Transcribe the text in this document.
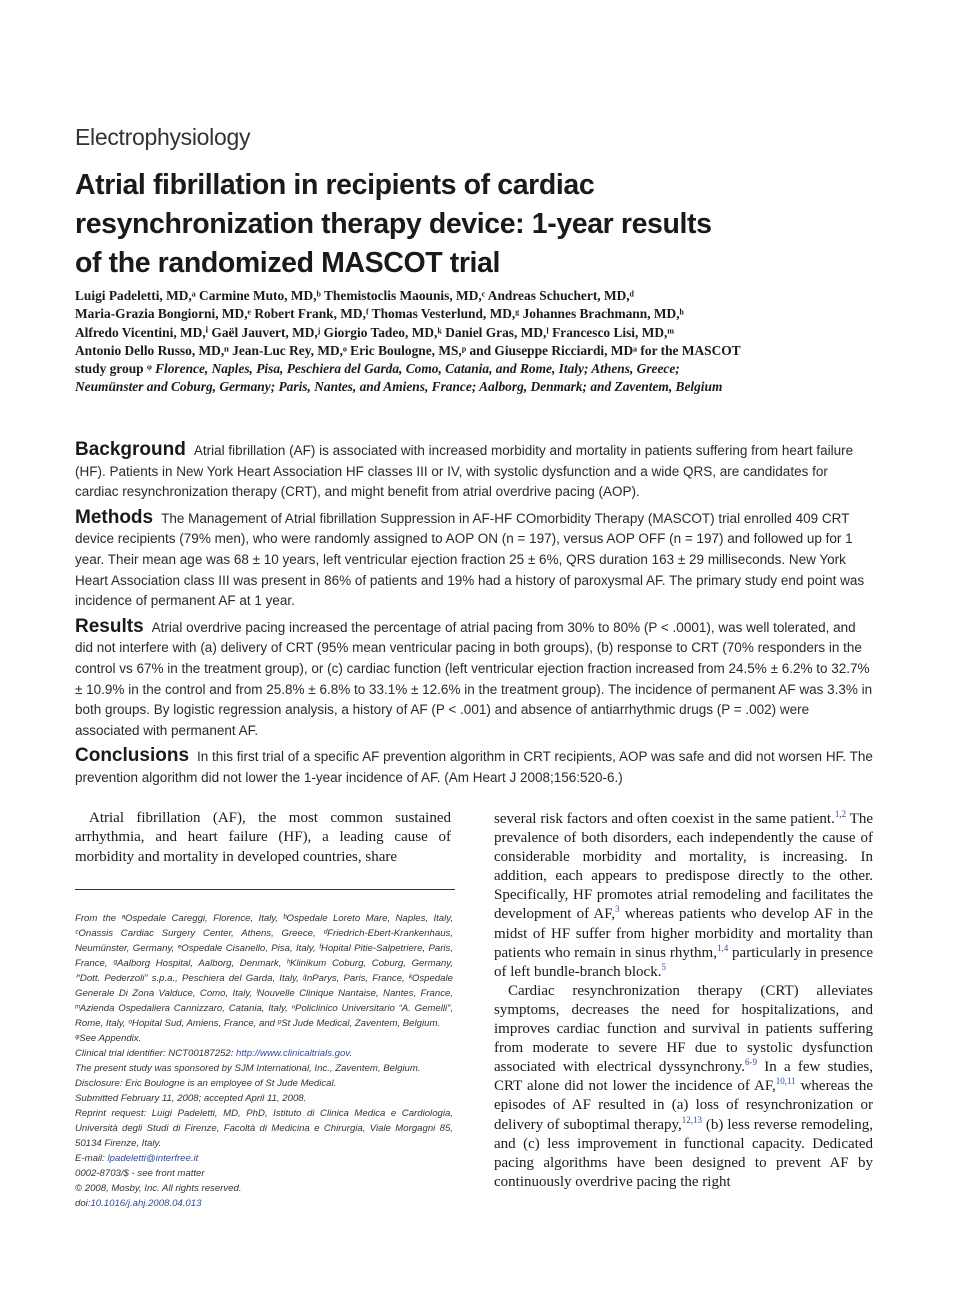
Electrophysiology
Atrial fibrillation in recipients of cardiac
resynchronization therapy device: 1-year results
of the randomized MASCOT trial
Luigi Padeletti, MD,ᵃ Carmine Muto, MD,ᵇ Themistoclis Maounis, MD,ᶜ Andreas Schuchert, MD,ᵈ
Maria-Grazia Bongiorni, MD,ᵉ Robert Frank, MD,ᶠ Thomas Vesterlund, MD,ᵍ Johannes Brachmann, MD,ʰ
Alfredo Vicentini, MD,ⁱ Gaël Jauvert, MD,ʲ Giorgio Tadeo, MD,ᵏ Daniel Gras, MD,ˡ Francesco Lisi, MD,ᵐ
Antonio Dello Russo, MD,ⁿ Jean-Luc Rey, MD,ᵒ Eric Boulogne, MS,ᵖ and Giuseppe Ricciardi, MDᵃ for the MASCOT
study group ᵠ Florence, Naples, Pisa, Peschiera del Garda, Como, Catania, and Rome, Italy; Athens, Greece;
Neumünster and Coburg, Germany; Paris, Nantes, and Amiens, France; Aalborg, Denmark; and Zaventem, Belgium

Background Atrial fibrillation (AF) is associated with increased morbidity and mortality in patients suffering from heart failure (HF). Patients in New York Heart Association HF classes III or IV, with systolic dysfunction and a wide QRS, are candidates for cardiac resynchronization therapy (CRT), and might benefit from atrial overdrive pacing (AOP).

Methods The Management of Atrial fibrillation Suppression in AF-HF COmorbidity Therapy (MASCOT) trial enrolled 409 CRT device recipients (79% men), who were randomly assigned to AOP ON (n = 197), versus AOP OFF (n = 197) and followed up for 1 year. Their mean age was 68 ± 10 years, left ventricular ejection fraction 25 ± 6%, QRS duration 163 ± 29 milliseconds. New York Heart Association class III was present in 86% of patients and 19% had a history of paroxysmal AF. The primary study end point was incidence of permanent AF at 1 year.

Results Atrial overdrive pacing increased the percentage of atrial pacing from 30% to 80% (P < .0001), was well tolerated, and did not interfere with (a) delivery of CRT (95% mean ventricular pacing in both groups), (b) response to CRT (70% responders in the control vs 67% in the treatment group), or (c) cardiac function (left ventricular ejection fraction increased from 24.5% ± 6.2% to 32.7% ± 10.9% in the control and from 25.8% ± 6.8% to 33.1% ± 12.6% in the treatment group). The incidence of permanent AF was 3.3% in both groups. By logistic regression analysis, a history of AF (P < .001) and absence of antiarrhythmic drugs (P = .002) were associated with permanent AF.

Conclusions In this first trial of a specific AF prevention algorithm in CRT recipients, AOP was safe and did not worsen HF. The prevention algorithm did not lower the 1-year incidence of AF. (Am Heart J 2008;156:520-6.)

Atrial fibrillation (AF), the most common sustained arrhythmia, and heart failure (HF), a leading cause of morbidity and mortality in developed countries, share

From the ᵃOspedale Careggi, Florence, Italy, ᵇOspedale Loreto Mare, Naples, Italy, ᶜOnassis Cardiac Surgery Center, Athens, Greece, ᵈFriedrich-Ebert-Krankenhaus, Neumünster, Germany, ᵉOspedale Cisanello, Pisa, Italy, ᶠHopital Pitie-Salpetriere, Paris, France, ᵍAalborg Hospital, Aalborg, Denmark, ʰKlinikum Coburg, Coburg, Germany, ⁱ“Dott. Pederzoli” s.p.a., Peschiera del Garda, Italy, ʲInParys, Paris, France, ᵏOspedale Generale Di Zona Valduce, Como, Italy, ˡNouvelle Clinique Nantaise, Nantes, France, ᵐAzienda Ospedaliera Cannizzaro, Catania, Italy, ⁿPoliclinico Universitario “A. Gemelli”, Rome, Italy, ᵒHopital Sud, Amiens, France, and ᵖSt Jude Medical, Zaventem, Belgium.
ᵠSee Appendix.
Clinical trial identifier: NCT00187252: http://www.clinicaltrials.gov.
The present study was sponsored by SJM International, Inc., Zaventem, Belgium.
Disclosure: Eric Boulogne is an employee of St Jude Medical.
Submitted February 11, 2008; accepted April 11, 2008.
Reprint request: Luigi Padeletti, MD, PhD, Istituto di Clinica Medica e Cardiologia, Università degli Studi di Firenze, Facoltà di Medicina e Chirurgia, Viale Morgagni 85, 50134 Firenze, Italy.
E-mail: lpadeletti@interfree.it
0002-8703/$ - see front matter
© 2008, Mosby, Inc. All rights reserved.
doi:10.1016/j.ahj.2008.04.013

several risk factors and often coexist in the same patient.$^{1,2}$ The prevalence of both disorders, each independently the cause of considerable morbidity and mortality, is increasing. In addition, each appears to predispose directly to the other. Specifically, HF promotes atrial remodeling and facilitates the development of AF,$^3$ whereas patients who develop AF in the midst of HF suffer from higher morbidity and mortality than patients who remain in sinus rhythm,$^{1,4}$ particularly in presence of left bundle-branch block.$^5$

Cardiac resynchronization therapy (CRT) alleviates symptoms, decreases the need for hospitalizations, and improves cardiac function and survival in patients suffering from moderate to severe HF due to systolic dysfunction associated with electrical dyssynchrony.$^{6-9}$ In a few studies, CRT alone did not lower the incidence of AF,$^{10,11}$ whereas the episodes of AF resulted in (a) loss of resynchronization or delivery of suboptimal therapy,$^{12,13}$ (b) less reverse remodeling, and (c) less improvement in functional capacity. Dedicated pacing algorithms have been designed to prevent AF by continuously overdrive pacing the right
